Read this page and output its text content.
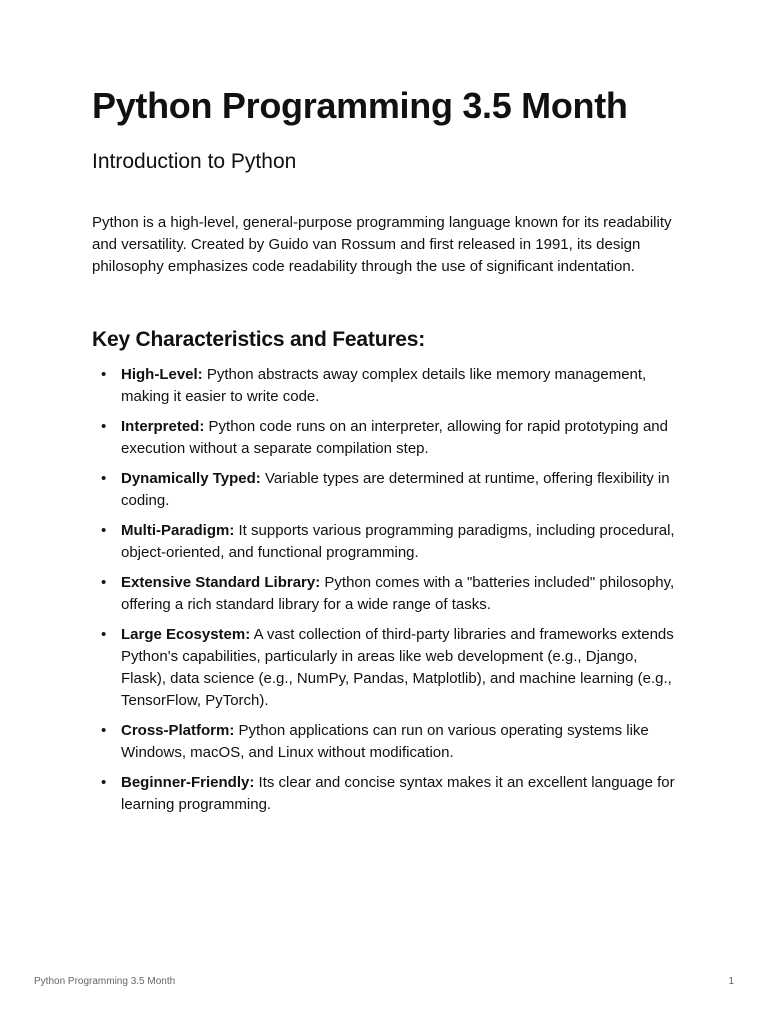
Python Programming 3.5 Month
Introduction to Python

Python is a high-level, general-purpose programming language known for its readability and versatility. Created by Guido van Rossum and first released in 1991, its design philosophy emphasizes code readability through the use of significant indentation.

Key Characteristics and Features:
• High-Level: Python abstracts away complex details like memory management, making it easier to write code.
• Interpreted: Python code runs on an interpreter, allowing for rapid prototyping and execution without a separate compilation step.
• Dynamically Typed: Variable types are determined at runtime, offering flexibility in coding.
• Multi-Paradigm: It supports various programming paradigms, including procedural, object-oriented, and functional programming.
• Extensive Standard Library: Python comes with a "batteries included" philosophy, offering a rich standard library for a wide range of tasks.
• Large Ecosystem: A vast collection of third-party libraries and frameworks extends Python's capabilities, particularly in areas like web development (e.g., Django, Flask), data science (e.g., NumPy, Pandas, Matplotlib), and machine learning (e.g., TensorFlow, PyTorch).
• Cross-Platform: Python applications can run on various operating systems like Windows, macOS, and Linux without modification.
• Beginner-Friendly: Its clear and concise syntax makes it an excellent language for learning programming.
Python Programming 3.5 Month	1
